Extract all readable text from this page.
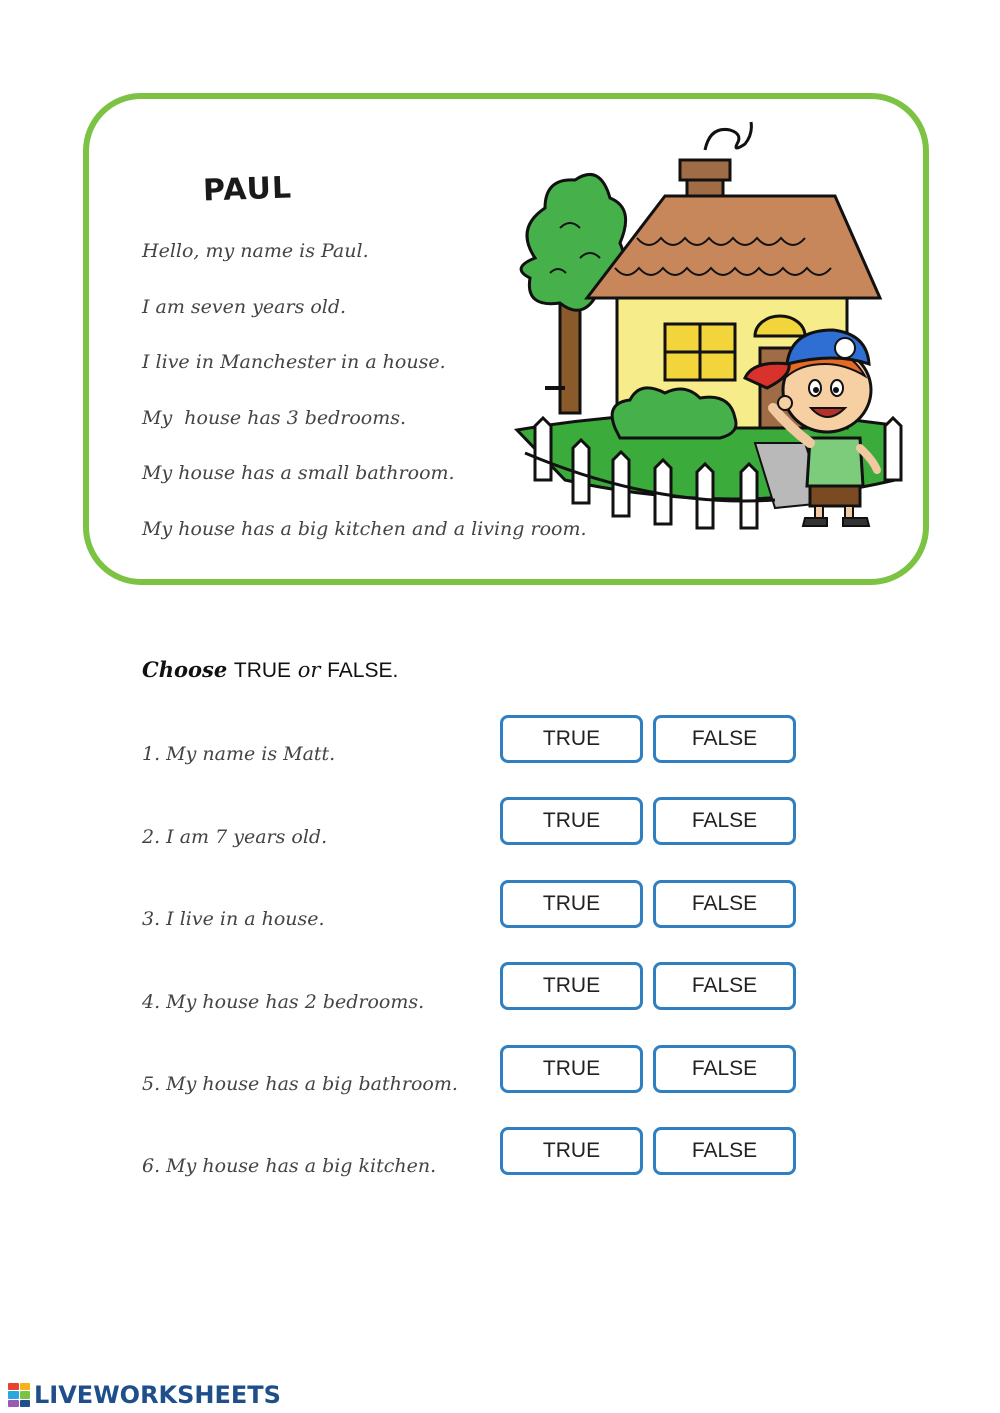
PAUL
Hello, my name is Paul.
I am seven years old.
I live in Manchester in a house.
My  house has 3 bedrooms.
My house has a small bathroom.
My house has a big kitchen and a living room.
Choose TRUE or FALSE.
1. My name is Matt.
TRUE	FALSE
2. I am 7 years old.
TRUE	FALSE
3. I live in a house.
TRUE	FALSE
4. My house has 2 bedrooms.
TRUE	FALSE
5. My house has a big bathroom.
TRUE	FALSE
6. My house has a big kitchen.
TRUE	FALSE
LIVEWORKSHEETS
